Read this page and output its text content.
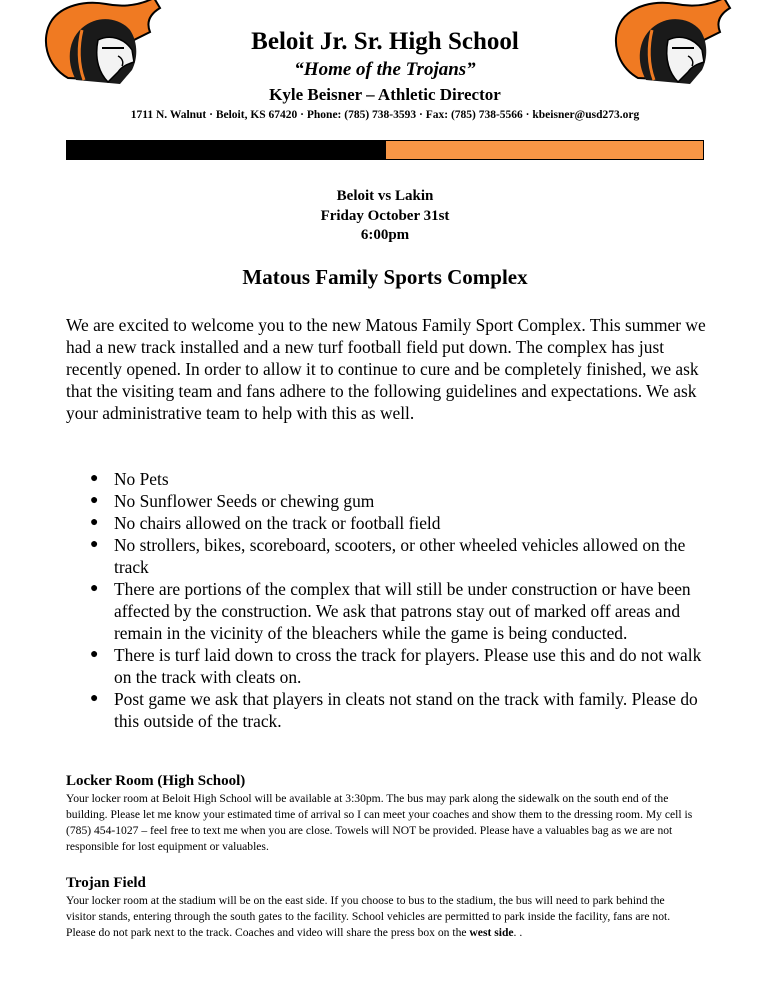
Beloit Jr. Sr. High School
“Home of the Trojans”
Kyle Beisner – Athletic Director
1711 N. Walnut · Beloit, KS 67420 · Phone: (785) 738-3593 · Fax: (785) 738-5566 · kbeisner@usd273.org
Beloit vs Lakin
Friday October 31st
6:00pm
Matous Family Sports Complex

We are excited to welcome you to the new Matous Family Sport Complex. This summer we had a new track installed and a new turf football field put down. The complex has just recently opened. In order to allow it to continue to cure and be completely finished, we ask that the visiting team and fans adhere to the following guidelines and expectations. We ask your administrative team to help with this as well.

● No Pets
● No Sunflower Seeds or chewing gum
● No chairs allowed on the track or football field
● No strollers, bikes, scoreboard, scooters, or other wheeled vehicles allowed on the track
● There are portions of the complex that will still be under construction or have been affected by the construction. We ask that patrons stay out of marked off areas and remain in the vicinity of the bleachers while the game is being conducted.
● There is turf laid down to cross the track for players. Please use this and do not walk on the track with cleats on.
● Post game we ask that players in cleats not stand on the track with family. Please do this outside of the track.
Locker Room (High School)

Your locker room at Beloit High School will be available at 3:30pm. The bus may park along the sidewalk on the south end of the building. Please let me know your estimated time of arrival so I can meet your coaches and show them to the dressing room. My cell is (785) 454-1027 – feel free to text me when you are close. Towels will NOT be provided. Please have a valuables bag as we are not responsible for lost equipment or valuables.

Trojan Field

Your locker room at the stadium will be on the east side. If you choose to bus to the stadium, the bus will need to park behind the visitor stands, entering through the south gates to the facility. School vehicles are permitted to park inside the facility, fans are not. Please do not park next to the track. Coaches and video will share the press box on the west side. .
